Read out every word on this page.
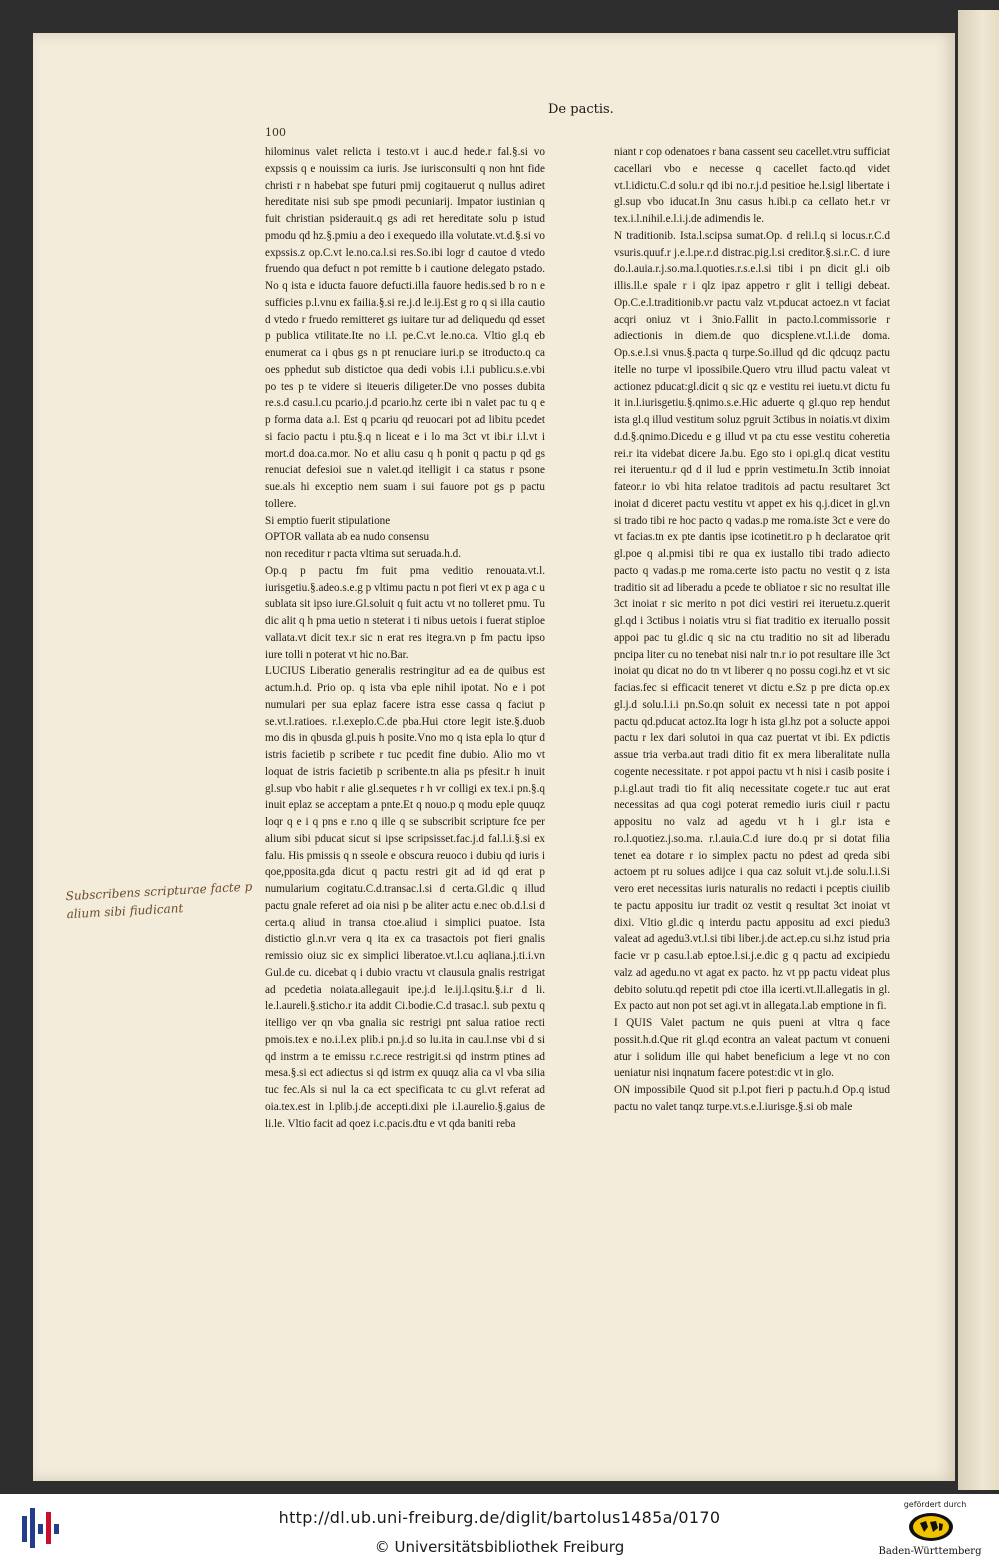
De pactis.
100
hilominus valet relicta i testo.vt i auc.d hede.r fal.§.si vo expssis q e nouissim ca iuris. Jse iurisconsulti q non hnt fide christi r n habebat spe futuri pmij cogitauerut q nullus adiret hereditate nisi sub spe pmodi pecuniarij. Impator iustinian q fuit christian psiderauit.q gs adi ret hereditate solu p istud pmodu qd hz.§.pmiu a deo i exequedo illa volutate.vt.d.§.si vo expssis.z op.C.vt le.no.ca.l.si res.So.ibi logr d cautoe d vtedo fruendo qua defuct n pot remitte b i cautione delegato pstado. No q ista e iducta fauore defucti.illa fauore hedis.sed b ro n e sufficies p.l.vnu ex failia.§.si re.j.d le.ij.Est g ro q si illa cautio d vtedo r fruedo remitteret gs iuitare tur ad deliquedu qd esset p publica vtilitate.Ite no i.l. pe.C.vt le.no.ca. Vltio gl.q eb enumerat ca i qbus gs n pt renuciare iuri.p se itroducto.q ca oes pphedut sub distictoe qua dedi vobis i.l.i publicu.s.e.vbi po tes p te videre si iteueris diligeter.De vno posses dubita re.s.d casu.l.cu pcario.j.d pcario.hz certe ibi n valet pac tu q e p forma data a.l. Est q pcariu qd reuocari pot ad libitu pcedet si facio pactu i ptu.§.q n liceat e i lo ma 3ct vt ibi.r i.l.vt i mort.d doa.ca.mor. No et aliu casu q h ponit q pactu p qd gs renuciat defesioi sue n valet.qd itelligit i ca status r psone sue.als hi exceptio nem suam i sui fauore pot gs p pactu tollere.
Si emptio fuerit stipulatione
OPTOR vallata ab ea nudo consensu
non receditur r pacta vltima sut seruada.h.d.
Op.q p pactu fm fuit pma veditio renouata.vt.l. iurisgetiu.§.adeo.s.e.g p vltimu pactu n pot fieri vt ex p aga c u sublata sit ipso iure.Gl.soluit q fuit actu vt no tolleret pmu. Tu dic alit q h pma uetio n steterat i ti nibus uetois i fuerat stiploe vallata.vt dicit tex.r sic n erat res itegra.vn p fm pactu ipso iure tolli n poterat vt hic no.Bar.
LUCIUS Liberatio generalis restringitur ad ea de quibus est actum.h.d. Prio op. q ista vba eple nihil ipotat. No e i pot numulari per sua eplaz facere istra esse cassa q faciut p se.vt.l.ratioes. r.l.exeplo.C.de pba.Hui ctore legit iste.§.duob mo dis in qbusda gl.puis h posite.Vno mo q ista epla lo qtur d istris facietib p scribete r tuc pcedit fine dubio. Alio mo vt loquat de istris facietib p scribente.tn alia ps pfesit.r h inuit gl.sup vbo habit r alie gl.sequetes r h vr colligi ex tex.i pn.§.q inuit eplaz se acceptam a pnte.Et q nouo.p q modu eple quuqz loqr q e i q pns e r.no q ille q se subscribit scripture fce per alium sibi pducat sicut si ipse scripsisset.fac.j.d fal.l.i.§.si ex falu. His pmissis q n sseole e obscura reuoco i dubiu qd iuris i qoe,pposita.gda dicut q pactu restri git ad id qd erat p numularium cogitatu.C.d.transac.l.si d certa.Gl.dic q illud pactu gnale referet ad oia nisi p be aliter actu e.nec ob.d.l.si d certa.q aliud in transa ctoe.aliud i simplici puatoe. Ista distictio gl.n.vr vera q ita ex ca trasactois pot fieri gnalis remissio oiuz sic ex simplici liberatoe.vt.l.cu aqliana.j.ti.i.vn Gul.de cu. dicebat q i dubio vractu vt clausula gnalis restrigat ad pcedetia noiata.allegauit ipe.j.d le.ij.l.qsitu.§.i.r d li. le.l.aureli.§.sticho.r ita addit Ci.bodie.C.d trasac.l. sub pextu q itelligo ver qn vba gnalia sic restrigi pnt salua ratioe recti pmois.tex e no.i.l.ex plib.i pn.j.d so lu.ita in cau.l.nse vbi d si qd instrm a te emissu r.c.rece restrigit.si qd instrm ptines ad mesa.§.si ect adiectus si qd istrm ex quuqz alia ca vl vba silia tuc fec.Als si nul la ca ect specificata tc cu gl.vt referat ad oia.tex.est in l.plib.j.de accepti.dixi ple i.l.aurelio.§.gaius de li.le. Vltio facit ad qoez i.c.pacis.dtu e vt qda baniti reba
niant r cop odenatoes r bana cassent seu cacellet.vtru sufficiat cacellari vbo e necesse q cacellet facto.qd videt vt.l.idictu.C.d solu.r qd ibi no.r.j.d pesitioe he.l.sigl libertate i gl.sup vbo iducat.In 3nu casus h.ibi.p ca cellato het.r vr tex.i.l.nihil.e.l.i.j.de adimendis le.
N traditionib. Ista.l.scipsa sumat.Op. d reli.l.q si locus.r.C.d vsuris.quuf.r j.e.l.pe.r.d distrac.pig.l.si creditor.§.si.r.C. d iure do.l.auia.r.j.so.ma.l.quoties.r.s.e.l.si tibi i pn dicit gl.i oib illis.ll.e spale r i qlz ipaz appetro r glit i telligi debeat. Op.C.e.l.traditionib.vr pactu valz vt.pducat actoez.n vt faciat acqri oniuz vt i 3nio.Fallit in pacto.l.commissorie r adiectionis in diem.de quo dicsplene.vt.l.i.de doma. Op.s.e.l.si vnus.§.pacta q turpe.So.illud qd dic qdcuqz pactu itelle no turpe vl ipossibile.Quero vtru illud pactu valeat vt actionez pducat:gl.dicit q sic qz e vestitu rei iuetu.vt dictu fu it in.l.iurisgetiu.§.qnimo.s.e.Hic aduerte q gl.quo rep hendut ista gl.q illud vestitum soluz pgruit 3ctibus in noiatis.vt dixim d.d.§.qnimo.Dicedu e g illud vt pa ctu esse vestitu coheretia rei.r ita videbat dicere Ja.bu. Ego sto i opi.gl.q dicat vestitu rei iteruentu.r qd d il lud e pprin vestimetu.In 3ctib innoiat fateor.r io vbi hita relatoe traditois ad pactu resultaret 3ct inoiat d diceret pactu vestitu vt appet ex his q.j.dicet in gl.vn si trado tibi re hoc pacto q vadas.p me roma.iste 3ct e vere do vt facias.tn ex pte dantis ipse icotinetit.ro p h declaratoe qrit gl.poe q al.pmisi tibi re qua ex iustallo tibi trado adiecto pacto q vadas.p me roma.certe isto pactu no vestit q z ista traditio sit ad liberadu a pcede te obliatoe r sic no resultat ille 3ct inoiat r sic merito n pot dici vestiri rei iteruetu.z.querit gl.qd i 3ctibus i noiatis vtru si fiat traditio ex iteruallo possit appoi pac tu gl.dic q sic na ctu traditio no sit ad liberadu pncipa liter cu no tenebat nisi nalr tn.r io pot resultare ille 3ct inoiat qu dicat no do tn vt liberer q no possu cogi.hz et vt sic facias.fec si efficacit teneret vt dictu e.Sz p pre dicta op.ex gl.j.d solu.l.i.i pn.So.qn soluit ex necessi tate n pot appoi pactu qd.pducat actoz.Ita logr h ista gl.hz pot a solucte appoi pactu r lex dari solutoi in qua caz puertat vt ibi. Ex pdictis assue tria verba.aut tradi ditio fit ex mera liberalitate nulla cogente necessitate. r pot appoi pactu vt h nisi i casib posite i p.i.gl.aut tradi tio fit aliq necessitate cogete.r tuc aut erat necessitas ad qua cogi poterat remedio iuris ciuil r pactu appositu no valz ad agedu vt h i gl.r ista e ro.l.quotiez.j.so.ma. r.l.auia.C.d iure do.q pr si dotat filia tenet ea dotare r io simplex pactu no pdest ad qreda sibi actoem pt ru solues adijce i qua caz soluit vt.j.de solu.l.i.Si vero eret necessitas iuris naturalis no redacti i pceptis ciuilib te pactu appositu iur tradit oz vestit q resultat 3ct inoiat vt dixi. Vltio gl.dic q interdu pactu appositu ad exci piedu3 valeat ad agedu3.vt.l.si tibi liber.j.de act.ep.cu si.hz istud pria facie vr p casu.l.ab eptoe.l.si.j.e.dic g q pactu ad excipiedu valz ad agedu.no vt agat ex pacto. hz vt pp pactu videat plus debito solutu.qd repetit pdi ctoe illa icerti.vt.ll.allegatis in gl. Ex pacto aut non pot set agi.vt in allegata.l.ab emptione in fi.
I QUIS Valet pactum ne quis pueni at vltra q face possit.h.d.Que rit gl.qd econtra an valeat pactum vt conueni atur i solidum ille qui habet beneficium a lege vt no con ueniatur nisi inqnatum facere potest:dic vt in glo.
ON impossibile Quod sit p.l.pot fieri p pactu.h.d Op.q istud pactu no valet tanqz turpe.vt.s.e.l.iurisge.§.si ob male
Subscribens scripturae facte p alium sibi fiudicant
http://dl.ub.uni-freiburg.de/diglit/bartolus1485a/0170
© Universitätsbibliothek Freiburg
gefördert durch
Baden-Württemberg
